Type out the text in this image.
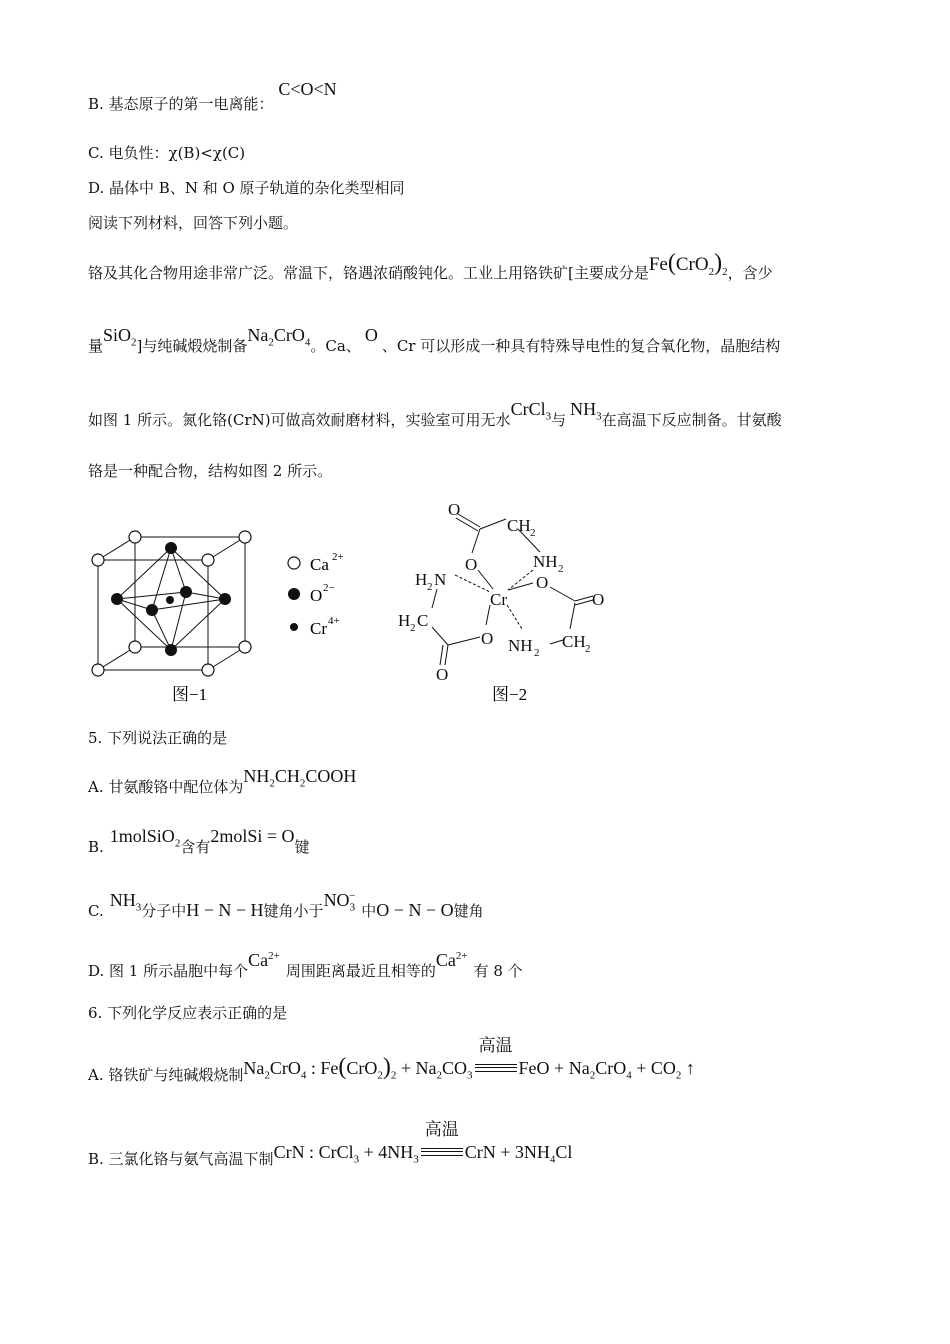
B. 基态原子的第一电离能： C<O<N
C. 电负性：χ(B)<χ(C)
D. 晶体中 B、N 和 O 原子轨道的杂化类型相同
阅读下列材料，回答下列小题。
铬及其化合物用途非常广泛。常温下，铬遇浓硝酸钝化。工业上用铬铁矿[主要成分是$Fe(CrO_2)_2$，含少
量SiO$_2$]与纯碱煅烧制备$Na_2CrO_4$。Ca、O、Cr 可以形成一种具有特殊导电性的复合氧化物，晶胞结构
如图 1 所示。氮化铬(CrN)可做高效耐磨材料，实验室可用无水CrCl$_3$与$NH_3$在高温下反应制备。甘氨酸
铬是一种配合物，结构如图 2 所示。
Ca 2+
O 2−
Cr 4+
图−1
O
CH 2
O	NH 2
H 2 N	O
Cr	O
H 2 C
O NH 2
CH 2
O
图−2
5. 下列说法正确的是
A. 甘氨酸铬中配位体为$NH_2CH_2COOH$
B.1molSiO$_2$含有2molSi = O键
$C.NH_3$分子中H − N − H键角小于$NO_3^-$中O − N − O键角
D. 图 1 所示晶胞中每个$Ca^{2+}$周围距离最近且相等的$Ca^{2+}$有 8 个
6. 下列化学反应表示正确的是
A. 铬铁矿与纯碱煅烧制$Na_2CrO_4$ : $Fe(CrO_2)_2 + Na_2CO_3$
高温
FeO + $Na_2CrO_4 + CO_2$ ↑
B. 三氯化铬与氨气高温下制CrN : CrCl$_3$ + $4NH_3$
高温
CrN + $3NH_4Cl$
